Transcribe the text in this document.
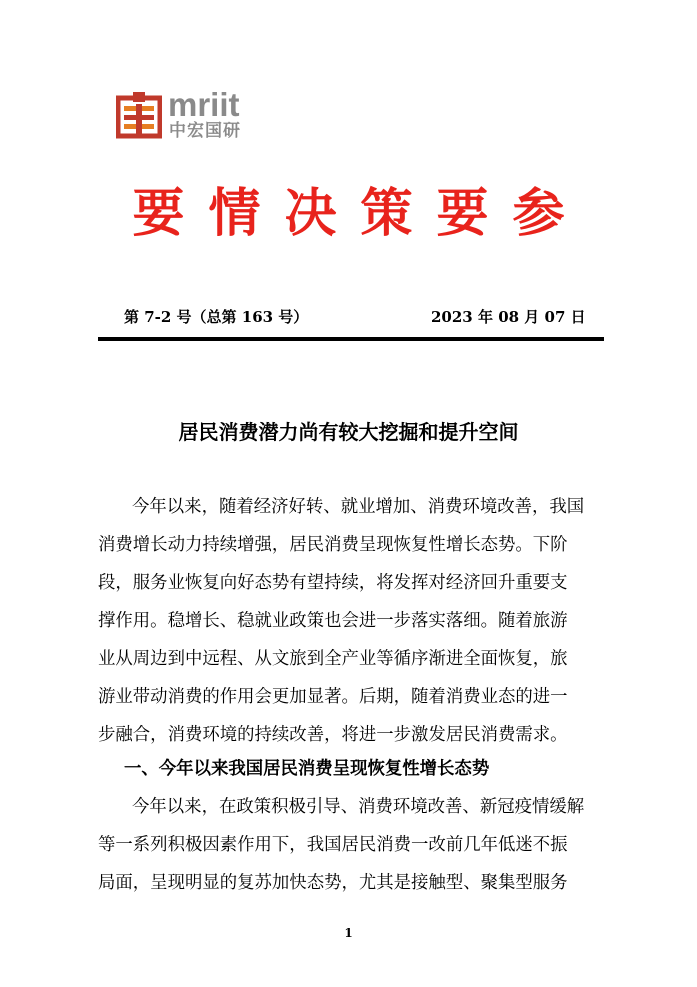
mriit
中宏国研
要情决策要参
第 7-2 号（总第 163 号）	2023 年 08 月 07 日
居民消费潜力尚有较大挖掘和提升空间
今年以来，随着经济好转、就业增加、消费环境改善，我国
消费增长动力持续增强，居民消费呈现恢复性增长态势。下阶
段，服务业恢复向好态势有望持续，将发挥对经济回升重要支
撑作用。稳增长、稳就业政策也会进一步落实落细。随着旅游
业从周边到中远程、从文旅到全产业等循序渐进全面恢复，旅
游业带动消费的作用会更加显著。后期，随着消费业态的进一
步融合，消费环境的持续改善，将进一步激发居民消费需求。
一、今年以来我国居民消费呈现恢复性增长态势
今年以来，在政策积极引导、消费环境改善、新冠疫情缓解
等一系列积极因素作用下，我国居民消费一改前几年低迷不振
局面，呈现明显的复苏加快态势，尤其是接触型、聚集型服务
1
